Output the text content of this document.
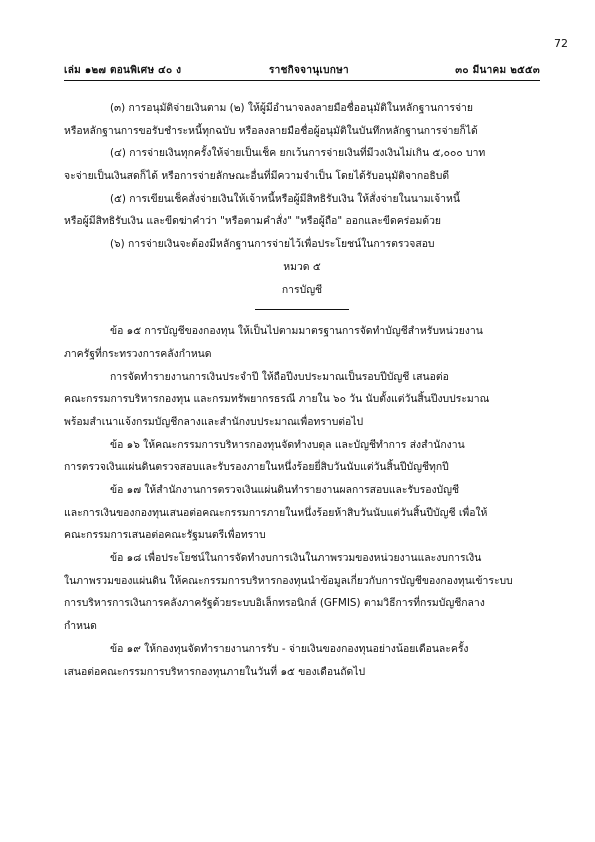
72
เล่ม ๑๒๗ ตอนพิเศษ ๔๐ ง	ราชกิจจานุเบกษา	๓๐ มีนาคม ๒๕๕๓
(๓) การอนุมัติจ่ายเงินตาม (๒) ให้ผู้มีอำนาจลงลายมือชื่ออนุมัติในหลักฐานการจ่าย
หรือหลักฐานการขอรับชำระหนี้ทุกฉบับ หรือลงลายมือชื่อผู้อนุมัติในบันทึกหลักฐานการจ่ายก็ได้
(๔) การจ่ายเงินทุกครั้งให้จ่ายเป็นเช็ค ยกเว้นการจ่ายเงินที่มีวงเงินไม่เกิน ๕,๐๐๐ บาท
จะจ่ายเป็นเงินสดก็ได้ หรือการจ่ายลักษณะอื่นที่มีความจำเป็น โดยได้รับอนุมัติจากอธิบดี
(๕) การเขียนเช็คสั่งจ่ายเงินให้เจ้าหนี้หรือผู้มีสิทธิรับเงิน ให้สั่งจ่ายในนามเจ้าหนี้
หรือผู้มีสิทธิรับเงิน และขีดฆ่าคำว่า "หรือตามคำสั่ง" "หรือผู้ถือ" ออกและขีดคร่อมด้วย
(๖) การจ่ายเงินจะต้องมีหลักฐานการจ่ายไว้เพื่อประโยชน์ในการตรวจสอบ
หมวด ๕
การบัญชี
ข้อ ๑๕ การบัญชีของกองทุน ให้เป็นไปตามมาตรฐานการจัดทำบัญชีสำหรับหน่วยงาน
ภาครัฐที่กระทรวงการคลังกำหนด
การจัดทำรายงานการเงินประจำปี ให้ถือปีงบประมาณเป็นรอบปีบัญชี เสนอต่อ
คณะกรรมการบริหารกองทุน และกรมทรัพยากรธรณี ภายใน ๖๐ วัน นับตั้งแต่วันสิ้นปีงบประมาณ
พร้อมสำเนาแจ้งกรมบัญชีกลางและสำนักงบประมาณเพื่อทราบต่อไป
ข้อ ๑๖ ให้คณะกรรมการบริหารกองทุนจัดทำงบดุล และบัญชีทำการ ส่งสำนักงาน
การตรวจเงินแผ่นดินตรวจสอบและรับรองภายในหนึ่งร้อยยี่สิบวันนับแต่วันสิ้นปีบัญชีทุกปี
ข้อ ๑๗ ให้สำนักงานการตรวจเงินแผ่นดินทำรายงานผลการสอบและรับรองบัญชี
และการเงินของกองทุนเสนอต่อคณะกรรมการภายในหนึ่งร้อยห้าสิบวันนับแต่วันสิ้นปีบัญชี เพื่อให้
คณะกรรมการเสนอต่อคณะรัฐมนตรีเพื่อทราบ
ข้อ ๑๘ เพื่อประโยชน์ในการจัดทำงบการเงินในภาพรวมของหน่วยงานและงบการเงิน
ในภาพรวมของแผ่นดิน ให้คณะกรรมการบริหารกองทุนนำข้อมูลเกี่ยวกับการบัญชีของกองทุนเข้าระบบ
การบริหารการเงินการคลังภาครัฐด้วยระบบอิเล็กทรอนิกส์ (GFMIS) ตามวิธีการที่กรมบัญชีกลาง
กำหนด
ข้อ ๑๙ ให้กองทุนจัดทำรายงานการรับ - จ่ายเงินของกองทุนอย่างน้อยเดือนละครั้ง
เสนอต่อคณะกรรมการบริหารกองทุนภายในวันที่ ๑๕ ของเดือนถัดไป
